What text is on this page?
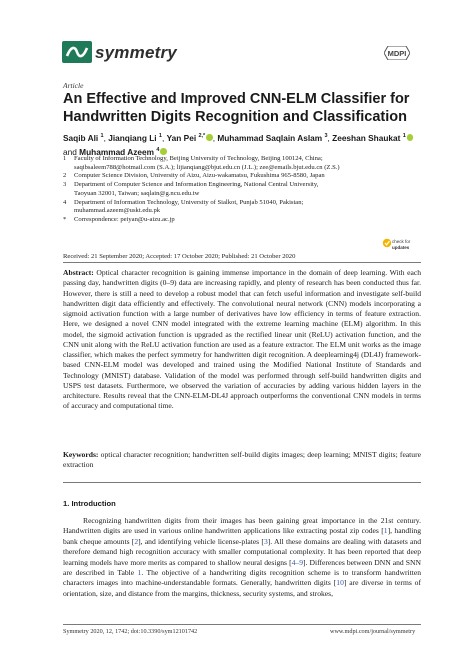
symmetry	MDPI
Article
An Effective and Improved CNN-ELM Classifier for Handwritten Digits Recognition and Classification
Saqib Ali $^1$, Jianqiang Li $^1$, Yan Pei $^{2,*}$ , Muhammad Saqlain Aslam $^3$, Zeeshan Shaukat $^1$
and Muhammad Azeem $^4$
1	Faculty of Information Technology, Beijing University of Technology, Beijing 100124, China;
saqibsaleem788@hotmail.com (S.A.); lijianqiang@bjut.edu.cn (J.L.); zee@emails.bjut.edu.cn (Z.S.)
2	Computer Science Division, University of Aizu, Aizu-wakamatsu, Fukushima 965-8580, Japan
3	Department of Computer Science and Information Engineering, National Central University,
Taoyuan 32001, Taiwan; saqlain@g.ncu.edu.tw
4	Department of Information Technology, University of Sialkot, Punjab 51040, Pakistan;
muhammad.azeem@uskt.edu.pk
*	Correspondence: peiyan@u-aizu.ac.jp
check for
updates
Received: 21 September 2020; Accepted: 17 October 2020; Published: 21 October 2020
Abstract: Optical character recognition is gaining immense importance in the domain of deep learning. With each passing day, handwritten digits (0–9) data are increasing rapidly, and plenty of research has been conducted thus far. However, there is still a need to develop a robust model that can fetch useful information and investigate self-build handwritten digit data efficiently and effectively. The convolutional neural network (CNN) models incorporating a sigmoid activation function with a large number of derivatives have low efficiency in terms of feature extraction. Here, we designed a novel CNN model integrated with the extreme learning machine (ELM) algorithm. In this model, the sigmoid activation function is upgraded as the rectified linear unit (ReLU) activation function, and the CNN unit along with the ReLU activation function are used as a feature extractor. The ELM unit works as the image classifier, which makes the perfect symmetry for handwritten digit recognition. A deeplearning4j (DL4J) framework-based CNN-ELM model was developed and trained using the Modified National Institute of Standards and Technology (MNIST) database. Validation of the model was performed through self-build handwritten digits and USPS test datasets. Furthermore, we observed the variation of accuracies by adding various hidden layers in the architecture. Results reveal that the CNN-ELM-DL4J approach outperforms the conventional CNN models in terms of accuracy and computational time.
Keywords: optical character recognition; handwritten self-build digits images; deep learning; MNIST digits; feature extraction
1. Introduction
Recognizing handwritten digits from their images has been gaining great importance in the 21st century. Handwritten digits are used in various online handwritten applications like extracting postal zip codes [1], handling bank cheque amounts [2], and identifying vehicle license-plates [3]. All these domains are dealing with datasets and therefore demand high recognition accuracy with smaller computational complexity. It has been reported that deep learning models have more merits as compared to shallow neural designs [4–9]. Differences between DNN and SNN are described in Table 1. The objective of a handwriting digits recognition scheme is to transform handwritten characters images into machine-understandable formats. Generally, handwritten digits [10] are diverse in terms of orientation, size, and distance from the margins, thickness, security systems, and strokes,
Symmetry 2020, 12, 1742; doi:10.3390/sym12101742	www.mdpi.com/journal/symmetry
